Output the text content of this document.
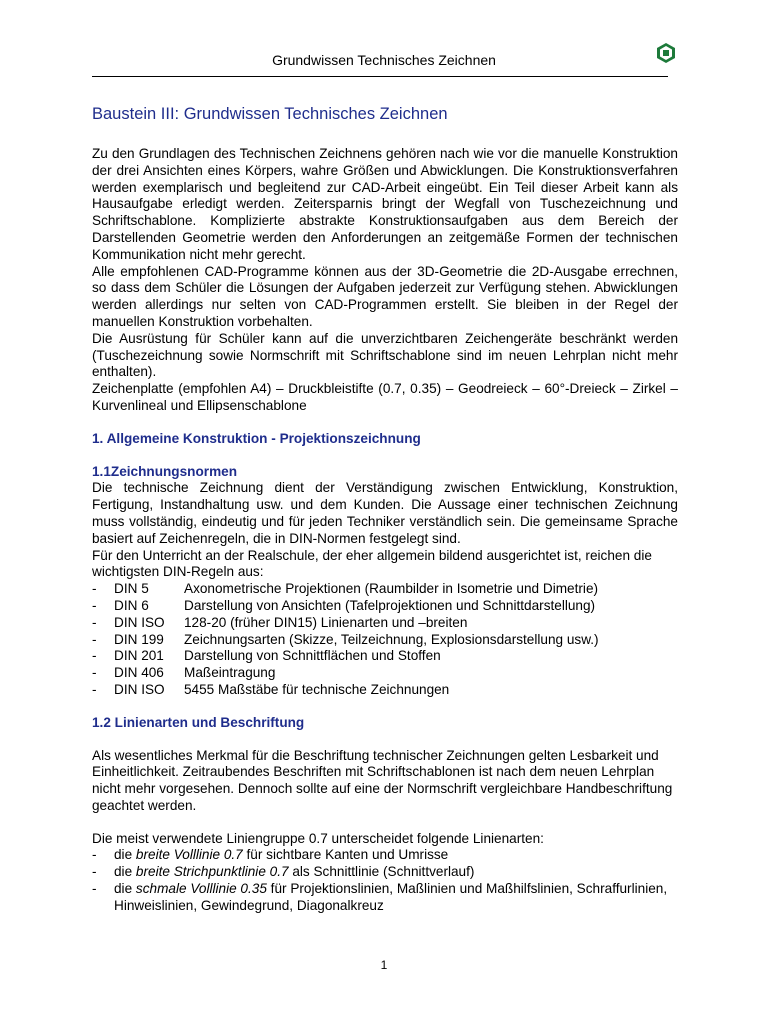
Grundwissen Technisches Zeichnen
Baustein III: Grundwissen Technisches Zeichnen

Zu den Grundlagen des Technischen Zeichnens gehören nach wie vor die manuelle Konstruktion der drei Ansichten eines Körpers, wahre Größen und Abwicklungen. Die Konstruktionsverfahren werden exemplarisch und begleitend zur CAD-Arbeit eingeübt. Ein Teil dieser Arbeit kann als Hausaufgabe erledigt werden. Zeitersparnis bringt der Wegfall von Tuschezeichnung und Schriftschablone. Komplizierte abstrakte Konstruktionsaufgaben aus dem Bereich der Darstellenden Geometrie werden den Anforderungen an zeitgemäße Formen der technischen Kommunikation nicht mehr gerecht.

Alle empfohlenen CAD-Programme können aus der 3D-Geometrie die 2D-Ausgabe errechnen, so dass dem Schüler die Lösungen der Aufgaben jederzeit zur Verfügung stehen. Abwicklungen werden allerdings nur selten von CAD-Programmen erstellt. Sie bleiben in der Regel der manuellen Konstruktion vorbehalten.

Die Ausrüstung für Schüler kann auf die unverzichtbaren Zeichengeräte beschränkt werden (Tuschezeichnung sowie Normschrift mit Schriftschablone sind im neuen Lehrplan nicht mehr enthalten).

Zeichenplatte (empfohlen A4) – Druckbleistifte (0.7, 0.35) – Geodreieck – 60°-Dreieck – Zirkel – Kurvenlineal und Ellipsenschablone

1. Allgemeine Konstruktion - Projektionszeichnung
1.1Zeichnungsnormen

Die technische Zeichnung dient der Verständigung zwischen Entwicklung, Konstruktion, Fertigung, Instandhaltung usw. und dem Kunden. Die Aussage einer technischen Zeichnung muss vollständig, eindeutig und für jeden Techniker verständlich sein. Die gemeinsame Sprache basiert auf Zeichenregeln, die in DIN-Normen festgelegt sind.

Für den Unterricht an der Realschule, der eher allgemein bildend ausgerichtet ist, reichen die wichtigsten DIN-Regeln aus:

-	DIN 5	Axonometrische Projektionen (Raumbilder in Isometrie und Dimetrie)
-	DIN 6	Darstellung von Ansichten (Tafelprojektionen und Schnittdarstellung)
-	DIN ISO	128-20 (früher DIN15) Linienarten und –breiten
-	DIN 199	Zeichnungsarten (Skizze, Teilzeichnung, Explosionsdarstellung usw.)
-	DIN 201	Darstellung von Schnittflächen und Stoffen
-	DIN 406	Maßeintragung
-	DIN ISO	5455 Maßstäbe für technische Zeichnungen
1.2 Linienarten und Beschriftung

Als wesentliches Merkmal für die Beschriftung technischer Zeichnungen gelten Lesbarkeit und Einheitlichkeit. Zeitraubendes Beschriften mit Schriftschablonen ist nach dem neuen Lehrplan nicht mehr vorgesehen. Dennoch sollte auf eine der Normschrift vergleichbare Handbeschriftung geachtet werden.

Die meist verwendete Liniengruppe 0.7 unterscheidet folgende Linienarten:

-	die breite Volllinie 0.7 für sichtbare Kanten und Umrisse
-	die breite Strichpunktlinie 0.7 als Schnittlinie (Schnittverlauf)
-	die schmale Volllinie 0.35 für Projektionslinien, Maßlinien und Maßhilfslinien, Schraffurlinien, Hinweislinien, Gewindegrund, Diagonalkreuz
1
